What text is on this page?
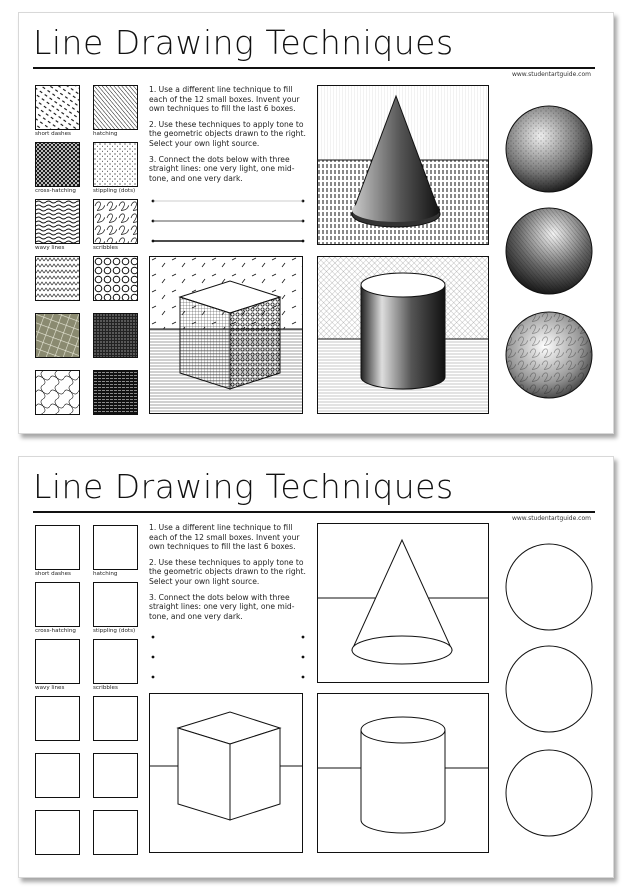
Line Drawing Techniques
www.studentartguide.com
short dashes	hatching
cross-hatching	stippling (dots)
wavy lines	scribbles

1. Use a different line technique to fill each of the 12 small boxes. Invent your own techniques to fill the last 6 boxes.

2. Use these techniques to apply tone to the geometric objects drawn to the right. Select your own light source.

3. Connect the dots below with three straight lines: one very light, one mid-tone, and one very dark.

Line Drawing Techniques
www.studentartguide.com
short dashes	hatching
cross-hatching	stippling (dots)
wavy lines	scribbles

1. Use a different line technique to fill each of the 12 small boxes. Invent your own techniques to fill the last 6 boxes.

2. Use these techniques to apply tone to the geometric objects drawn to the right. Select your own light source.

3. Connect the dots below with three straight lines: one very light, one mid-tone, and one very dark.
